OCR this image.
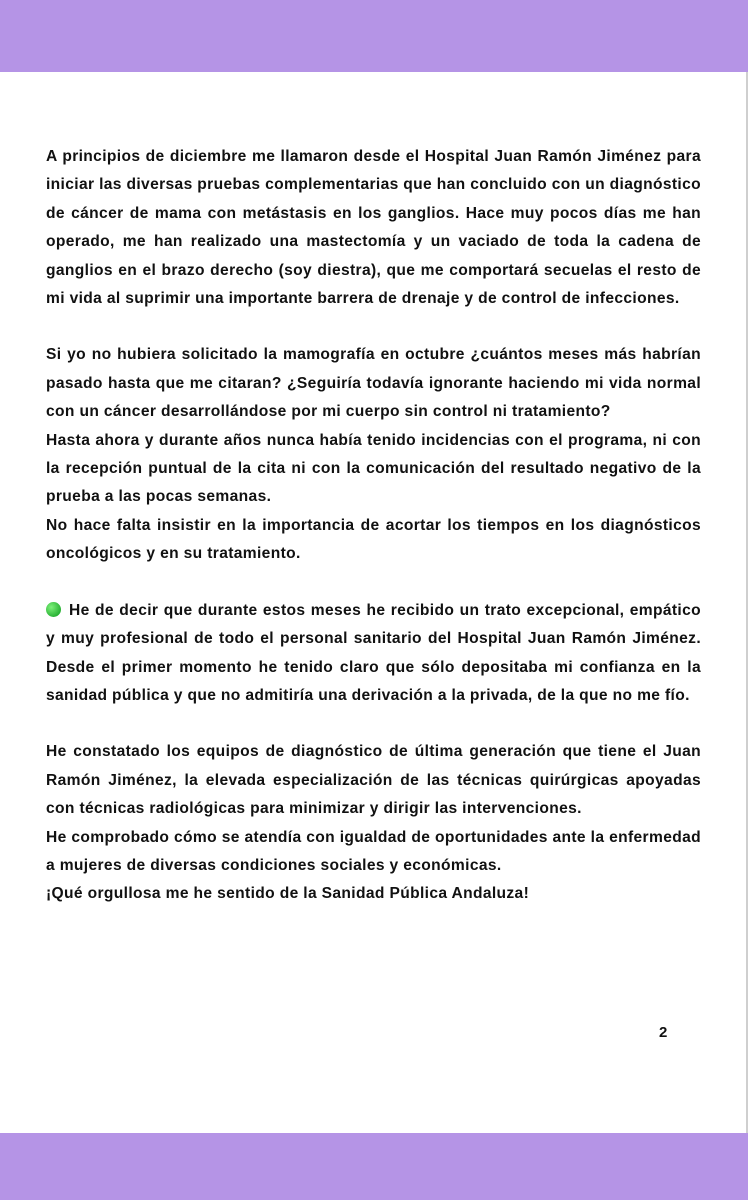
A principios de diciembre me llamaron desde el Hospital Juan Ramón Jiménez para iniciar las diversas pruebas complementarias que han concluido con un diagnóstico de cáncer de mama con metástasis en los ganglios. Hace muy pocos días me han operado, me han realizado una mastectomía y un vaciado de toda la cadena de ganglios en el brazo derecho (soy diestra), que me comportará secuelas el resto de mi vida al suprimir una importante barrera de drenaje y de control de infecciones.

Si yo no hubiera solicitado la mamografía en octubre ¿cuántos meses más habrían pasado hasta que me citaran? ¿Seguiría todavía ignorante haciendo mi vida normal con un cáncer desarrollándose por mi cuerpo sin control ni tratamiento?

Hasta ahora y durante años nunca había tenido incidencias con el programa, ni con la recepción puntual de la cita ni con la comunicación del resultado negativo de la prueba a las pocas semanas.

No hace falta insistir en la importancia de acortar los tiempos en los diagnósticos oncológicos y en su tratamiento.

He de decir que durante estos meses he recibido un trato excepcional, empático y muy profesional de todo el personal sanitario del Hospital Juan Ramón Jiménez. Desde el primer momento he tenido claro que sólo depositaba mi confianza en la sanidad pública y que no admitiría una derivación a la privada, de la que no me fío.

He constatado los equipos de diagnóstico de última generación que tiene el Juan Ramón Jiménez, la elevada especialización de las técnicas quirúrgicas apoyadas con técnicas radiológicas para minimizar y dirigir las intervenciones.

He comprobado cómo se atendía con igualdad de oportunidades ante la enfermedad a mujeres de diversas condiciones sociales y económicas.

¡Qué orgullosa me he sentido de la Sanidad Pública Andaluza!

2
